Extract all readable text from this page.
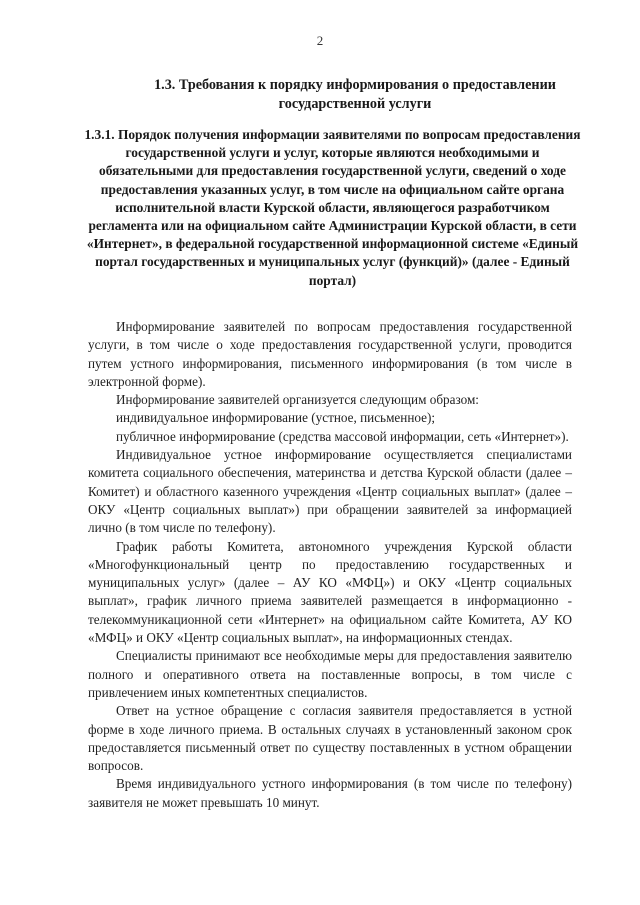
2
1.3. Требования к порядку информирования о предоставлении государственной услуги
1.3.1. Порядок получения информации заявителями по вопросам предоставления государственной услуги и услуг, которые являются необходимыми и обязательными для предоставления государственной услуги, сведений о ходе предоставления указанных услуг, в том числе на официальном сайте органа исполнительной власти Курской области, являющегося разработчиком регламента или на официальном сайте Администрации Курской области, в сети «Интернет», в федеральной государственной информационной системе «Единый портал государственных и муниципальных услуг (функций)» (далее - Единый портал)

Информирование заявителей по вопросам предоставления государственной услуги, в том числе о ходе предоставления государственной услуги, проводится путем устного информирования, письменного информирования (в том числе в электронной форме).

Информирование заявителей организуется следующим образом:

индивидуальное информирование (устное, письменное);

публичное информирование (средства массовой информации, сеть «Интернет»).

Индивидуальное устное информирование осуществляется специалистами комитета социального обеспечения, материнства и детства Курской области (далее – Комитет) и областного казенного учреждения «Центр социальных выплат» (далее – ОКУ «Центр социальных выплат») при обращении заявителей за информацией лично (в том числе по телефону).

График работы Комитета, автономного учреждения Курской области «Многофункциональный центр по предоставлению государственных и муниципальных услуг» (далее – АУ КО «МФЦ») и ОКУ «Центр социальных выплат», график личного приема заявителей размещается в информационно - телекоммуникационной сети «Интернет» на официальном сайте Комитета, АУ КО «МФЦ» и ОКУ «Центр социальных выплат», на информационных стендах.

Специалисты принимают все необходимые меры для предоставления заявителю полного и оперативного ответа на поставленные вопросы, в том числе с привлечением иных компетентных специалистов.

Ответ на устное обращение с согласия заявителя предоставляется в устной форме в ходе личного приема. В остальных случаях в установленный законом срок предоставляется письменный ответ по существу поставленных в устном обращении вопросов.

Время индивидуального устного информирования (в том числе по телефону) заявителя не может превышать 10 минут.
